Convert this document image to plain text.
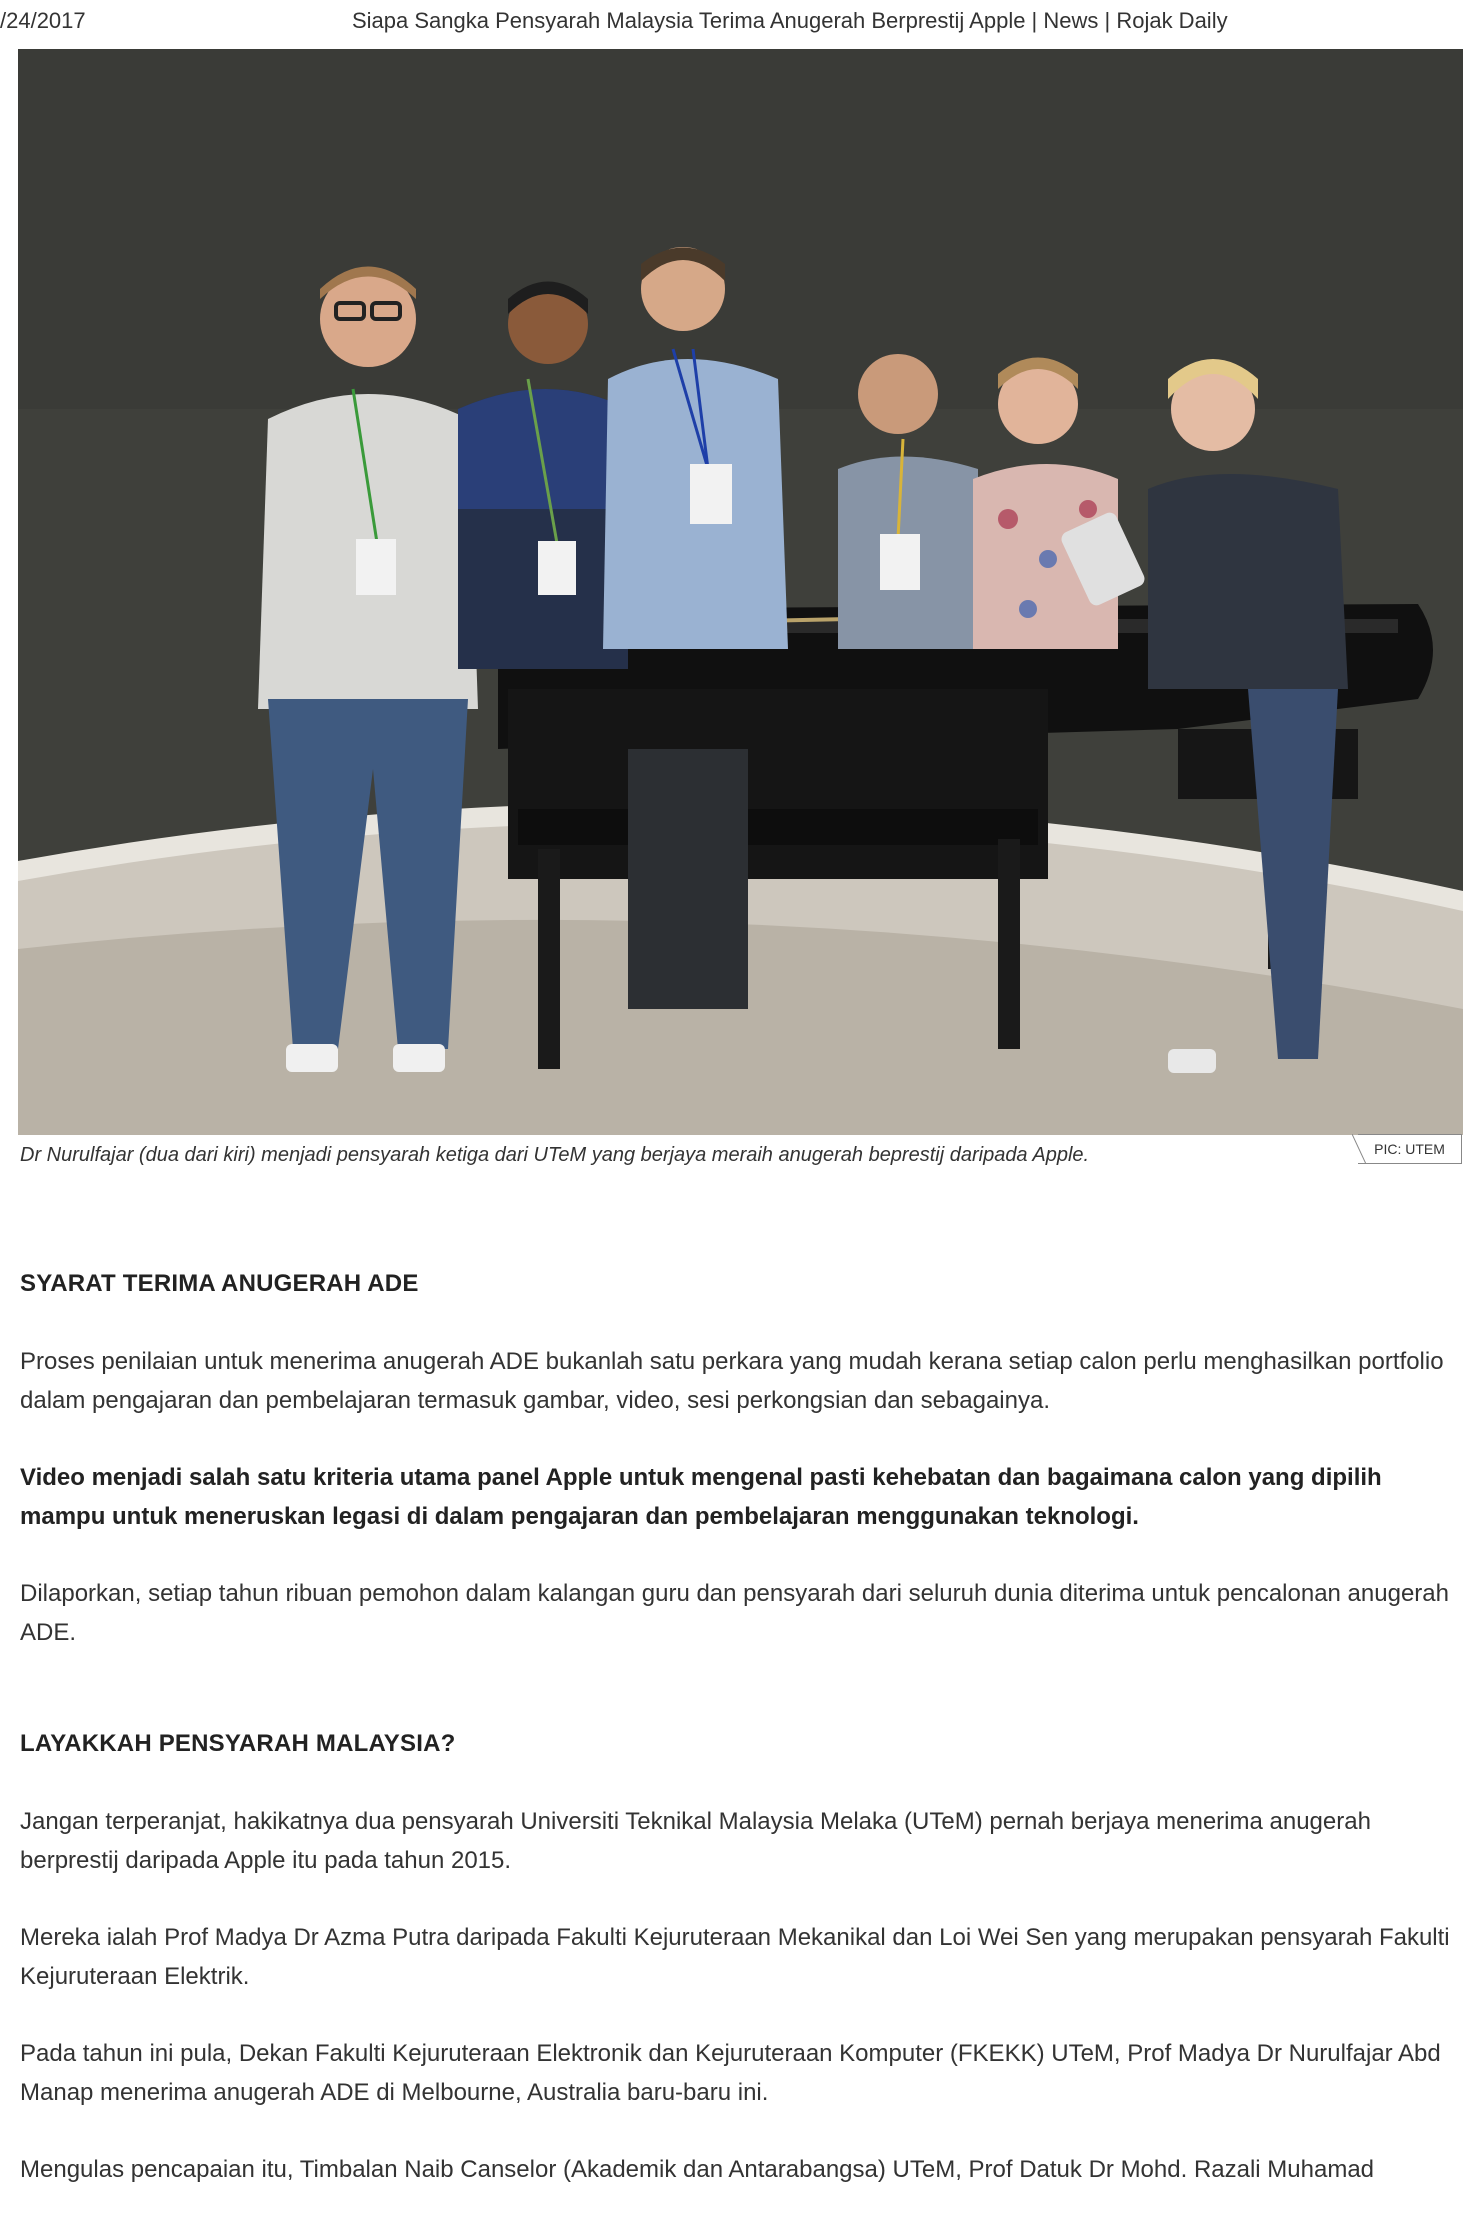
/24/2017	Siapa Sangka Pensyarah Malaysia Terima Anugerah Berprestij Apple | News | Rojak Daily
Dr Nurulfajar (dua dari kiri) menjadi pensyarah ketiga dari UTeM yang berjaya meraih anugerah beprestij daripada Apple.	PIC: UTEM
SYARAT TERIMA ANUGERAH ADE

Proses penilaian untuk menerima anugerah ADE bukanlah satu perkara yang mudah kerana setiap calon perlu menghasilkan portfolio dalam pengajaran dan pembelajaran termasuk gambar, video, sesi perkongsian dan sebagainya.

Video menjadi salah satu kriteria utama panel Apple untuk mengenal pasti kehebatan dan bagaimana calon yang dipilih mampu untuk meneruskan legasi di dalam pengajaran dan pembelajaran menggunakan teknologi.

Dilaporkan, setiap tahun ribuan pemohon dalam kalangan guru dan pensyarah dari seluruh dunia diterima untuk pencalonan anugerah ADE.

LAYAKKAH PENSYARAH MALAYSIA?

Jangan terperanjat, hakikatnya dua pensyarah Universiti Teknikal Malaysia Melaka (UTeM) pernah berjaya menerima anugerah berprestij daripada Apple itu pada tahun 2015.

Mereka ialah Prof Madya Dr Azma Putra daripada Fakulti Kejuruteraan Mekanikal dan Loi Wei Sen yang merupakan pensyarah Fakulti Kejuruteraan Elektrik.

Pada tahun ini pula, Dekan Fakulti Kejuruteraan Elektronik dan Kejuruteraan Komputer (FKEKK) UTeM, Prof Madya Dr Nurulfajar Abd Manap menerima anugerah ADE di Melbourne, Australia baru-baru ini.

Mengulas pencapaian itu, Timbalan Naib Canselor (Akademik dan Antarabangsa) UTeM, Prof Datuk Dr Mohd. Razali Muhamad
